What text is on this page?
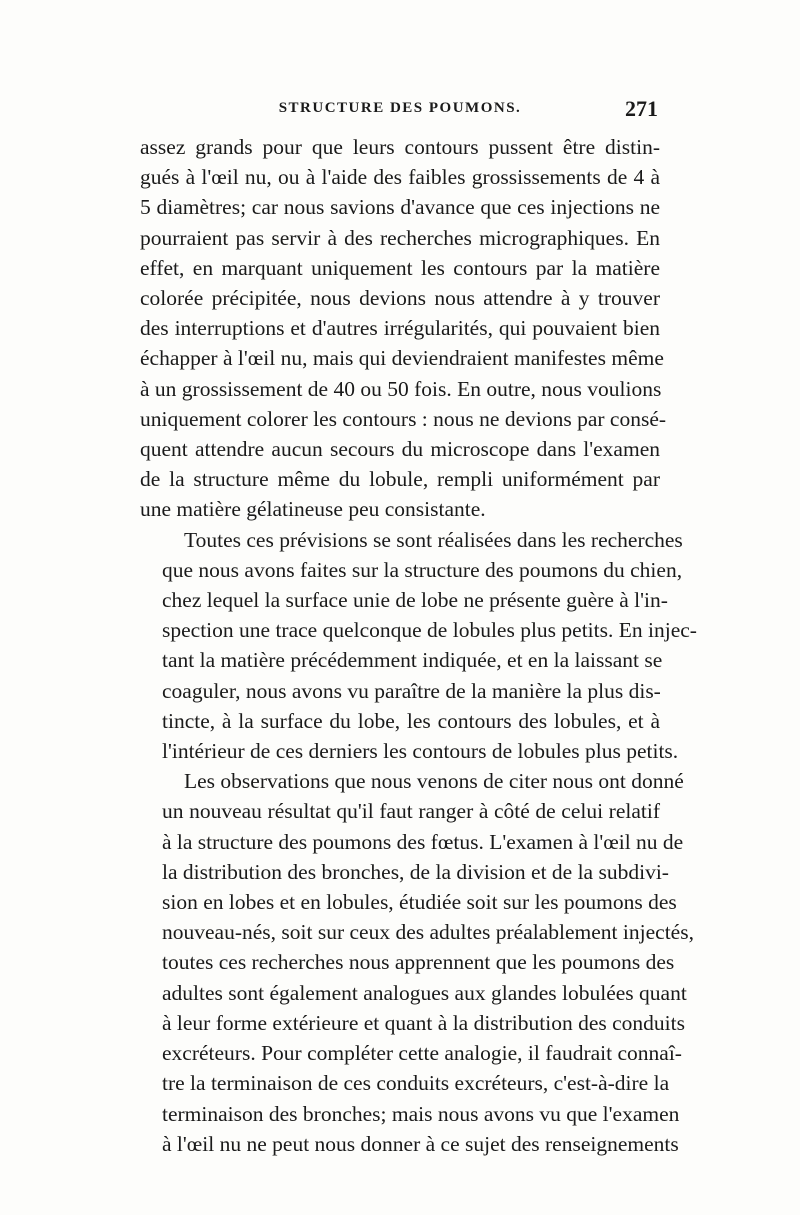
STRUCTURE DES POUMONS.	271
assez grands pour que leurs contours pussent être distin-
gués à l'œil nu, ou à l'aide des faibles grossissements de 4 à
5 diamètres; car nous savions d'avance que ces injections ne
pourraient pas servir à des recherches micrographiques. En
effet, en marquant uniquement les contours par la matière
colorée précipitée, nous devions nous attendre à y trouver
des interruptions et d'autres irrégularités, qui pouvaient bien
échapper à l'œil nu, mais qui deviendraient manifestes même
à un grossissement de 40 ou 50 fois. En outre, nous voulions
uniquement colorer les contours : nous ne devions par consé-
quent attendre aucun secours du microscope dans l'examen
de la structure même du lobule, rempli uniformément par
une matière gélatineuse peu consistante.
Toutes ces prévisions se sont réalisées dans les recherches
que nous avons faites sur la structure des poumons du chien,
chez lequel la surface unie de lobe ne présente guère à l'in-
spection une trace quelconque de lobules plus petits. En injec-
tant la matière précédemment indiquée, et en la laissant se
coaguler, nous avons vu paraître de la manière la plus dis-
tincte, à la surface du lobe, les contours des lobules, et à
l'intérieur de ces derniers les contours de lobules plus petits.
Les observations que nous venons de citer nous ont donné
un nouveau résultat qu'il faut ranger à côté de celui relatif
à la structure des poumons des fœtus. L'examen à l'œil nu de
la distribution des bronches, de la division et de la subdivi-
sion en lobes et en lobules, étudiée soit sur les poumons des
nouveau-nés, soit sur ceux des adultes préalablement injectés,
toutes ces recherches nous apprennent que les poumons des
adultes sont également analogues aux glandes lobulées quant
à leur forme extérieure et quant à la distribution des conduits
excréteurs. Pour compléter cette analogie, il faudrait connaî-
tre la terminaison de ces conduits excréteurs, c'est-à-dire la
terminaison des bronches; mais nous avons vu que l'examen
à l'œil nu ne peut nous donner à ce sujet des renseignements
